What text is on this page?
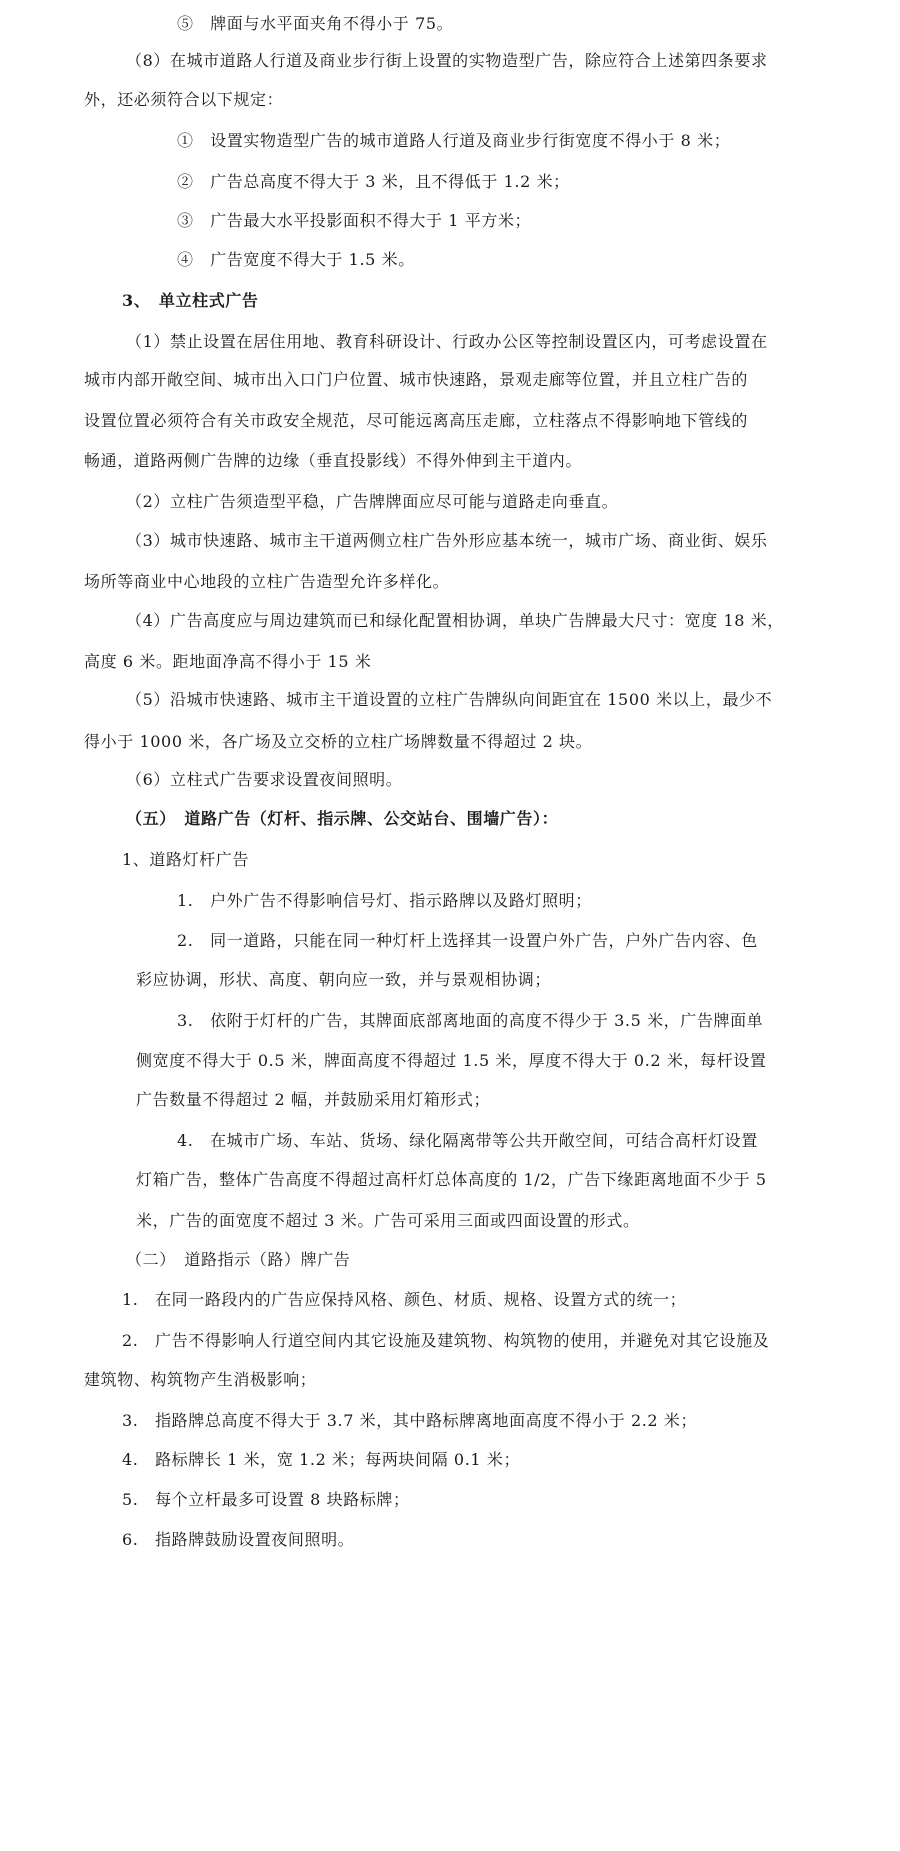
⑤　牌面与水平面夹角不得小于 75。
（8）在城市道路人行道及商业步行街上设置的实物造型广告，除应符合上述第四条要求
外，还必须符合以下规定：
①　设置实物造型广告的城市道路人行道及商业步行街宽度不得小于 8 米；
②　广告总高度不得大于 3 米，且不得低于 1.2 米；
③　广告最大水平投影面积不得大于 1 平方米；
④　广告宽度不得大于 1.5 米。
3、　单立柱式广告
（1）禁止设置在居住用地、教育科研设计、行政办公区等控制设置区内，可考虑设置在
城市内部开敞空间、城市出入口门户位置、城市快速路，景观走廊等位置，并且立柱广告的
设置位置必须符合有关市政安全规范，尽可能远离高压走廊，立柱落点不得影响地下管线的
畅通，道路两侧广告牌的边缘（垂直投影线）不得外伸到主干道内。
（2）立柱广告须造型平稳，广告牌牌面应尽可能与道路走向垂直。
（3）城市快速路、城市主干道两侧立柱广告外形应基本统一，城市广场、商业街、娱乐
场所等商业中心地段的立柱广告造型允许多样化。
（4）广告高度应与周边建筑而已和绿化配置相协调，单块广告牌最大尺寸：宽度 18 米，
高度 6 米。距地面净高不得小于 15 米
（5）沿城市快速路、城市主干道设置的立柱广告牌纵向间距宜在 1500 米以上，最少不
得小于 1000 米，各广场及立交桥的立柱广场牌数量不得超过 2 块。
（6）立柱式广告要求设置夜间照明。
（五）　道路广告（灯杆、指示牌、公交站台、围墙广告）：
1、道路灯杆广告
1.　户外广告不得影响信号灯、指示路牌以及路灯照明；
2.　同一道路，只能在同一种灯杆上选择其一设置户外广告，户外广告内容、色
彩应协调，形状、高度、朝向应一致，并与景观相协调；
3.　依附于灯杆的广告，其牌面底部离地面的高度不得少于 3.5 米，广告牌面单
侧宽度不得大于 0.5 米，牌面高度不得超过 1.5 米，厚度不得大于 0.2 米，每杆设置
广告数量不得超过 2 幅，并鼓励采用灯箱形式；
4.　在城市广场、车站、货场、绿化隔离带等公共开敞空间，可结合高杆灯设置
灯箱广告，整体广告高度不得超过高杆灯总体高度的 1/2，广告下缘距离地面不少于 5
米，广告的面宽度不超过 3 米。广告可采用三面或四面设置的形式。
（二）　道路指示（路）牌广告
1.　在同一路段内的广告应保持风格、颜色、材质、规格、设置方式的统一；
2.　广告不得影响人行道空间内其它设施及建筑物、构筑物的使用，并避免对其它设施及
建筑物、构筑物产生消极影响；
3.　指路牌总高度不得大于 3.7 米，其中路标牌离地面高度不得小于 2.2 米；
4.　路标牌长 1 米，宽 1.2 米；每两块间隔 0.1 米；
5.　每个立杆最多可设置 8 块路标牌；
6.　指路牌鼓励设置夜间照明。
